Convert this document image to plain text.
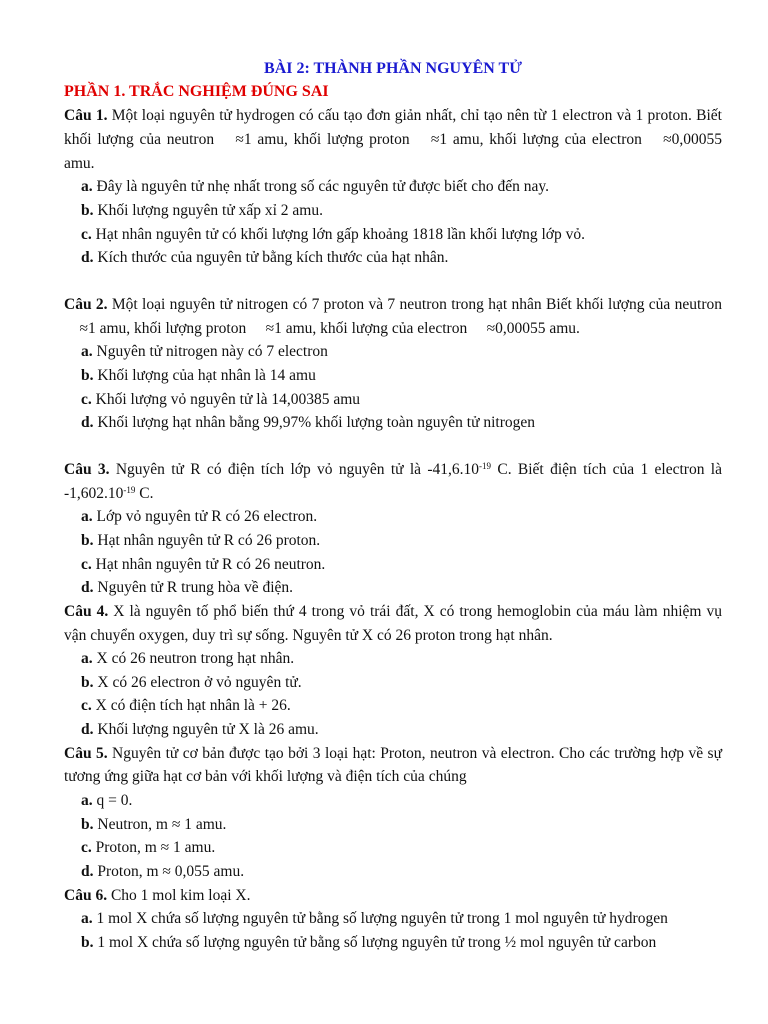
BÀI 2: THÀNH PHẦN NGUYÊN TỬ

PHẦN 1. TRẮC NGHIỆM ĐÚNG SAI

Câu 1. Một loại nguyên tử hydrogen có cấu tạo đơn giản nhất, chỉ tạo nên từ 1 electron và 1 proton. Biết khối lượng của neutron ≈1 amu, khối lượng proton ≈1 amu, khối lượng của electron ≈0,00055 amu.

a. Đây là nguyên tử nhẹ nhất trong số các nguyên tử được biết cho đến nay.
b. Khối lượng nguyên tử xấp xỉ 2 amu.
c. Hạt nhân nguyên tử có khối lượng lớn gấp khoảng 1818 lần khối lượng lớp vỏ.
d. Kích thước của nguyên tử bằng kích thước của hạt nhân.

Câu 2. Một loại nguyên tử nitrogen có 7 proton và 7 neutron trong hạt nhân Biết khối lượng của neutron ≈1 amu, khối lượng proton ≈1 amu, khối lượng của electron ≈0,00055 amu.

a. Nguyên tử nitrogen này có 7 electron
b. Khối lượng của hạt nhân là 14 amu
c. Khối lượng vỏ nguyên tử là 14,00385 amu
d. Khối lượng hạt nhân bằng 99,97% khối lượng toàn nguyên tử nitrogen

Câu 3. Nguyên tử R có điện tích lớp vỏ nguyên tử là $-41,6.10^{-19}$ C. Biết điện tích của 1 electron là $-1,602.10^{-19}$ C.

a. Lớp vỏ nguyên tử R có 26 electron.
b. Hạt nhân nguyên tử R có 26 proton.
c. Hạt nhân nguyên tử R có 26 neutron.
d. Nguyên tử R trung hòa về điện.

Câu 4. X là nguyên tố phổ biến thứ 4 trong vỏ trái đất, X có trong hemoglobin của máu làm nhiệm vụ vận chuyển oxygen, duy trì sự sống. Nguyên tử X có 26 proton trong hạt nhân.

a. X có 26 neutron trong hạt nhân.
b. X có 26 electron ở vỏ nguyên tử.
c. X có điện tích hạt nhân là + 26.
d. Khối lượng nguyên tử X là 26 amu.

Câu 5. Nguyên tử cơ bản được tạo bởi 3 loại hạt: Proton, neutron và electron. Cho các trường hợp về sự tương ứng giữa hạt cơ bản với khối lượng và điện tích của chúng

a. q = 0.
b. Neutron, m ≈ 1 amu.
c. Proton, m ≈ 1 amu.
d. Proton, m ≈ 0,055 amu.

Câu 6. Cho 1 mol kim loại X.

a. 1 mol X chứa số lượng nguyên tử bằng số lượng nguyên tử trong 1 mol nguyên tử hydrogen
b. 1 mol X chứa số lượng nguyên tử bằng số lượng nguyên tử trong ½ mol nguyên tử carbon
